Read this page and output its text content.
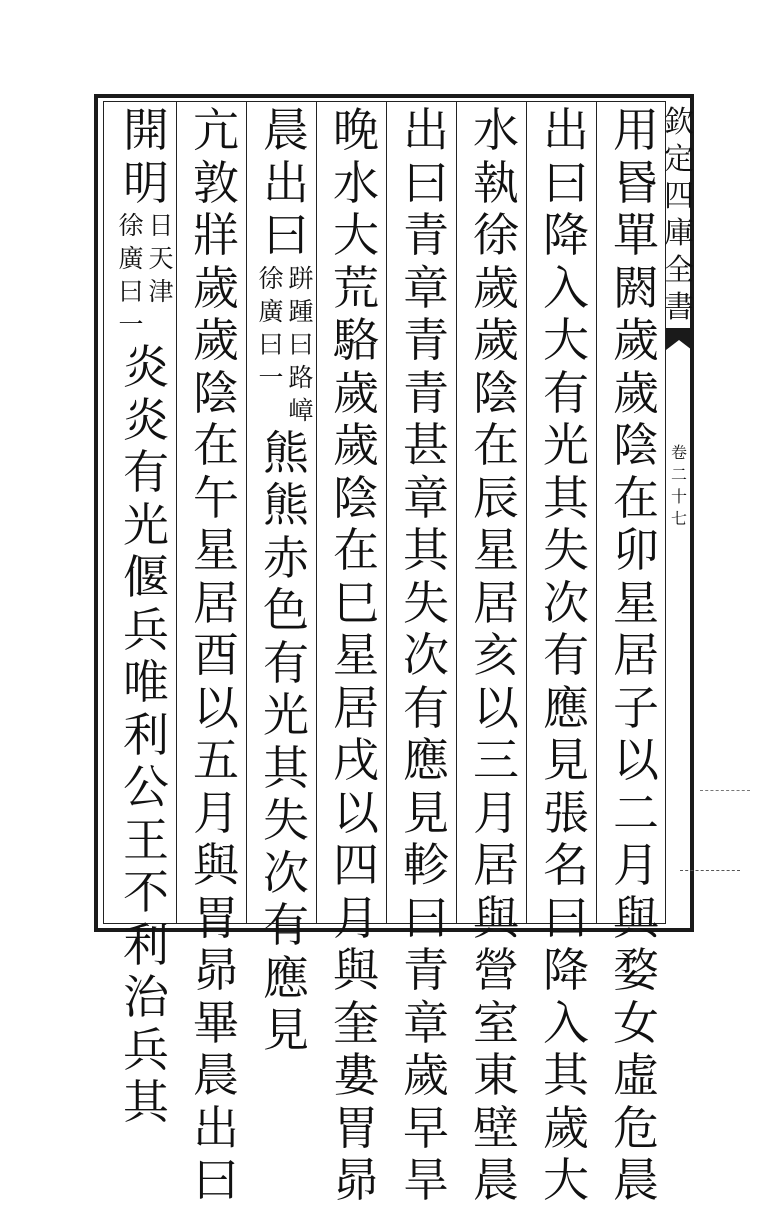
欽
定
四
庫
全
書
卷
二
十
七
用
昬
單
閼
歲
歲
陰
在
卯
星
居
子
以
二
月
與
婺
女
虛
危
晨
出
曰
降
入
大
有
光
其
失
次
有
應
見
張
名
曰
降
入
其
歲
大
水
執
徐
歲
歲
陰
在
辰
星
居
亥
以
三
月
居
與
營
室
東
壁
晨
出
曰
青
章
青
青
甚
章
其
失
次
有
應
見
軫
曰
青
章
歲
早
旱
晚
水
大
荒
駱
歲
歲
陰
在
巳
星
居
戌
以
四
月
與
奎
婁
胃
昴
晨
出
曰
徐
廣
曰
一
跰
踵
曰
路
嶂
熊
熊
赤
色
有
光
其
失
次
有
應
見
亢
敦
牂
歲
歲
陰
在
午
星
居
酉
以
五
月
與
胃
昴
畢
晨
出
曰
開
明
徐
廣
曰
一
日
天
津
炎
炎
有
光
偃
兵
唯
利
公
王
不
利
治
兵
其
